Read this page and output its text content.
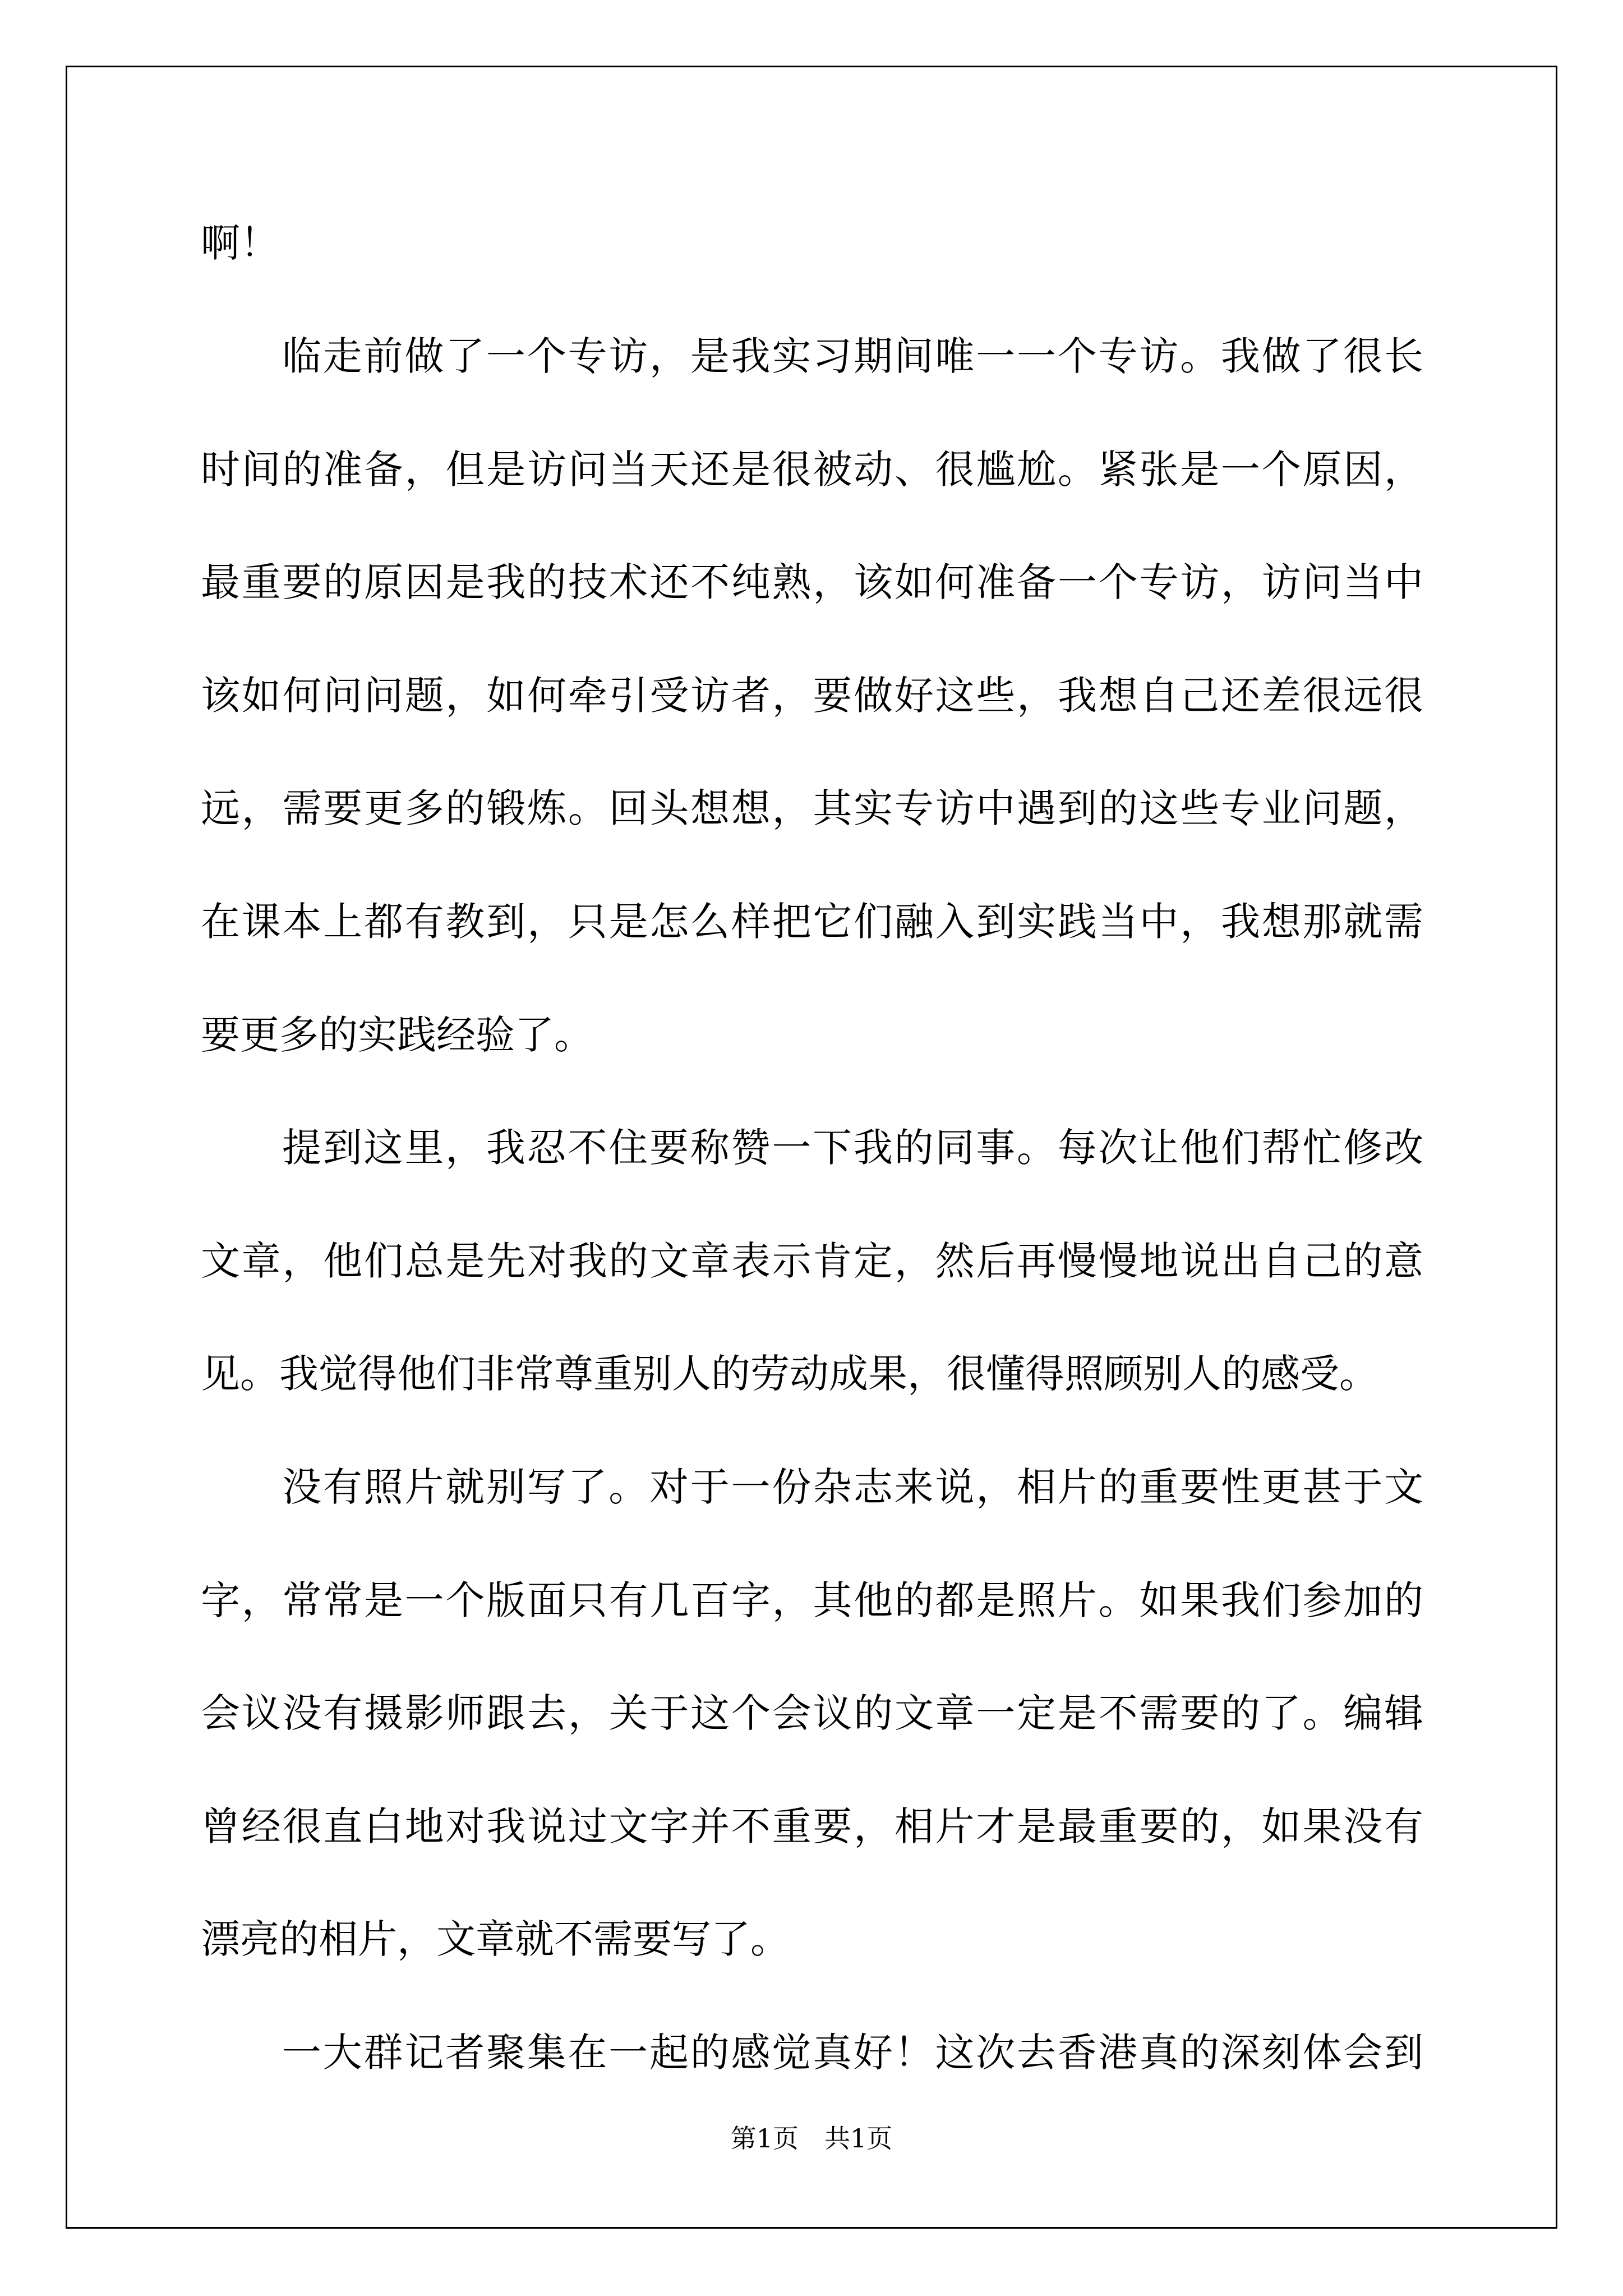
啊！
临走前做了一个专访，是我实习期间唯一一个专访。我做了很长
时间的准备，但是访问当天还是很被动、很尴尬。紧张是一个原因，
最重要的原因是我的技术还不纯熟，该如何准备一个专访，访问当中
该如何问问题，如何牵引受访者，要做好这些，我想自己还差很远很
远，需要更多的锻炼。回头想想，其实专访中遇到的这些专业问题，
在课本上都有教到，只是怎么样把它们融入到实践当中，我想那就需
要更多的实践经验了。
提到这里，我忍不住要称赞一下我的同事。每次让他们帮忙修改
文章，他们总是先对我的文章表示肯定，然后再慢慢地说出自己的意
见。我觉得他们非常尊重别人的劳动成果，很懂得照顾别人的感受。
没有照片就别写了。对于一份杂志来说，相片的重要性更甚于文
字，常常是一个版面只有几百字，其他的都是照片。如果我们参加的
会议没有摄影师跟去，关于这个会议的文章一定是不需要的了。编辑
曾经很直白地对我说过文字并不重要，相片才是最重要的，如果没有
漂亮的相片，文章就不需要写了。
一大群记者聚集在一起的感觉真好！这次去香港真的深刻体会到
第1页　共1页
